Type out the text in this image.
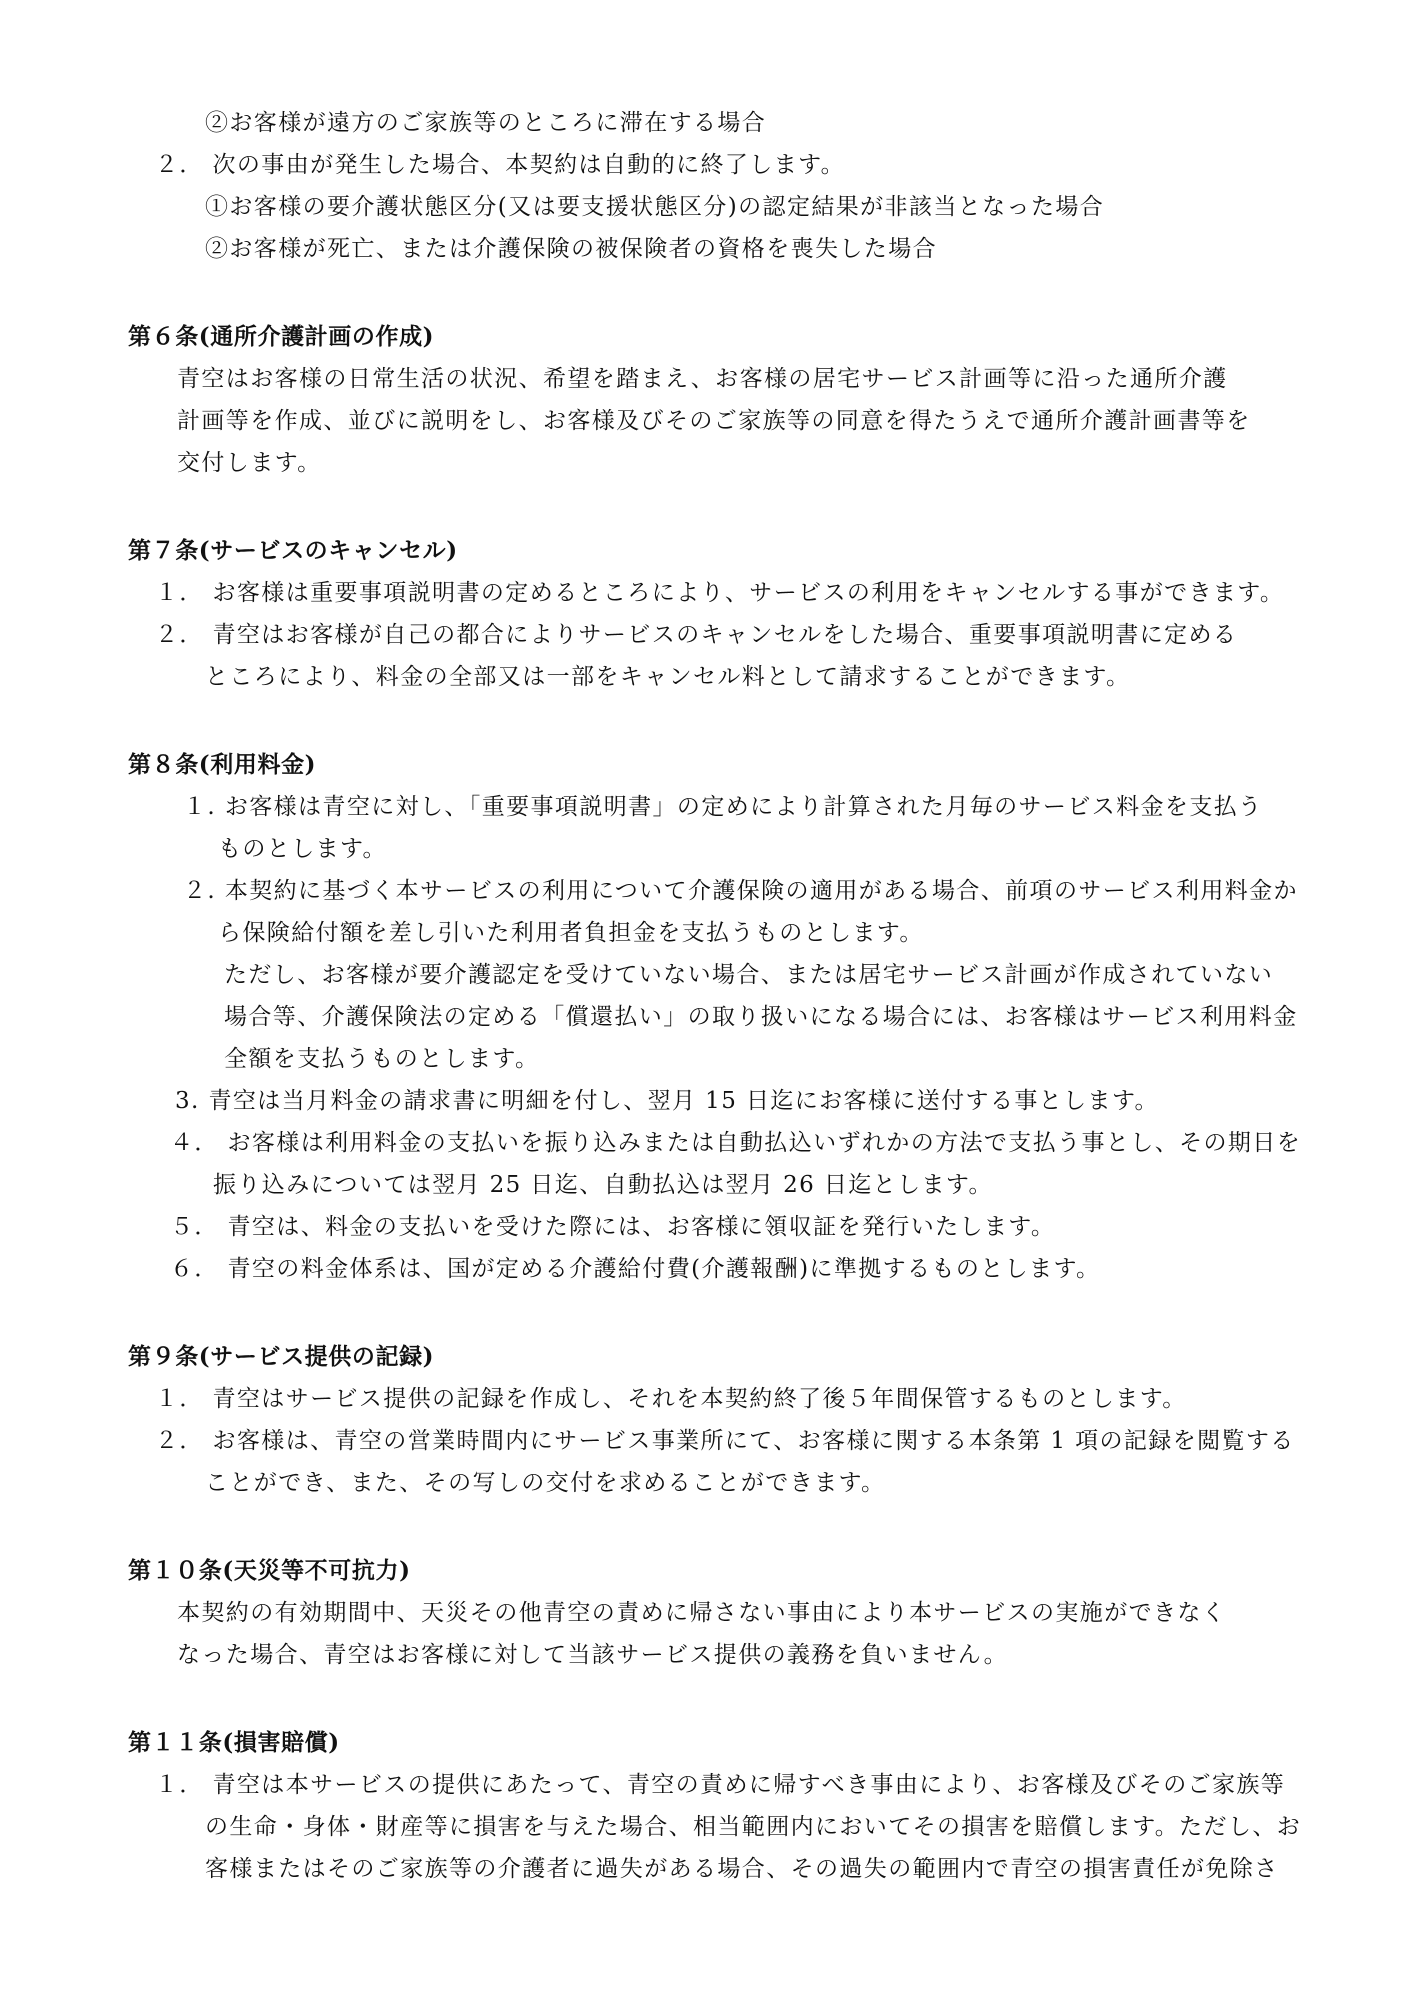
②お客様が遠方のご家族等のところに滞在する場合
２． 次の事由が発生した場合、本契約は自動的に終了します。
①お客様の要介護状態区分(又は要支援状態区分)の認定結果が非該当となった場合
②お客様が死亡、または介護保険の被保険者の資格を喪失した場合
第６条(通所介護計画の作成)
青空はお客様の日常生活の状況、希望を踏まえ、お客様の居宅サービス計画等に沿った通所介護
計画等を作成、並びに説明をし、お客様及びそのご家族等の同意を得たうえで通所介護計画書等を
交付します。
第７条(サービスのキャンセル)
１． お客様は重要事項説明書の定めるところにより、サービスの利用をキャンセルする事ができます。
２． 青空はお客様が自己の都合によりサービスのキャンセルをした場合、重要事項説明書に定める
ところにより、料金の全部又は一部をキャンセル料として請求することができます。
第８条(利用料金)
１. お客様は青空に対し、「重要事項説明書」の定めにより計算された月毎のサービス料金を支払う
ものとします。
２. 本契約に基づく本サービスの利用について介護保険の適用がある場合、前項のサービス利用料金か
ら保険給付額を差し引いた利用者負担金を支払うものとします。
ただし、お客様が要介護認定を受けていない場合、または居宅サービス計画が作成されていない
場合等、介護保険法の定める「償還払い」の取り扱いになる場合には、お客様はサービス利用料金
全額を支払うものとします。
3. 青空は当月料金の請求書に明細を付し、翌月 15 日迄にお客様に送付する事とします。
４． お客様は利用料金の支払いを振り込みまたは自動払込いずれかの方法で支払う事とし、その期日を
振り込みについては翌月 25 日迄、自動払込は翌月 26 日迄とします。
５． 青空は、料金の支払いを受けた際には、お客様に領収証を発行いたします。
６． 青空の料金体系は、国が定める介護給付費(介護報酬)に準拠するものとします。
第９条(サービス提供の記録)
１． 青空はサービス提供の記録を作成し、それを本契約終了後５年間保管するものとします。
２． お客様は、青空の営業時間内にサービス事業所にて、お客様に関する本条第 1 項の記録を閲覧する
ことができ、また、その写しの交付を求めることができます。
第１０条(天災等不可抗力)
本契約の有効期間中、天災その他青空の責めに帰さない事由により本サービスの実施ができなく
なった場合、青空はお客様に対して当該サービス提供の義務を負いません。
第１１条(損害賠償)
１． 青空は本サービスの提供にあたって、青空の責めに帰すべき事由により、お客様及びそのご家族等
の生命・身体・財産等に損害を与えた場合、相当範囲内においてその損害を賠償します。ただし、お
客様またはそのご家族等の介護者に過失がある場合、その過失の範囲内で青空の損害責任が免除さ
